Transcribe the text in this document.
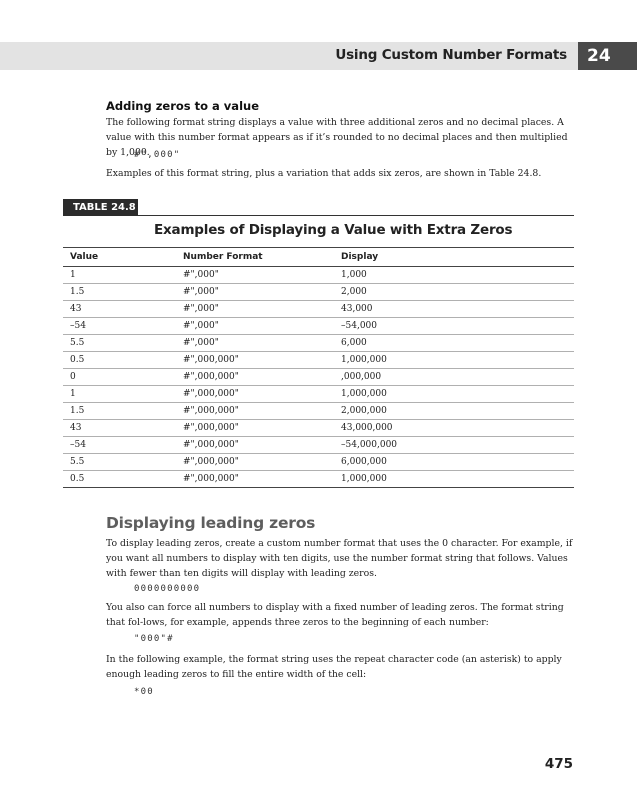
Using Custom Number Formats	24
Adding zeros to a value

The following format string displays a value with three additional zeros and no decimal places. A value with this number format appears as if it’s rounded to no decimal places and then multiplied by 1,000.

#",000"

Examples of this format string, plus a variation that adds six zeros, are shown in Table 24.8.

TABLE 24.8
Examples of Displaying a Value with Extra Zeros
Value	Number Format	Display
1	#",000"	1,000
1.5	#",000"	2,000
43	#",000"	43,000
–54	#",000"	–54,000
5.5	#",000"	6,000
0.5	#",000,000"	1,000,000
0	#",000,000"	,000,000
1	#",000,000"	1,000,000
1.5	#",000,000"	2,000,000
43	#",000,000"	43,000,000
–54	#",000,000"	–54,000,000
5.5	#",000,000"	6,000,000
0.5	#",000,000"	1,000,000
Displaying leading zeros

To display leading zeros, create a custom number format that uses the 0 character. For example, if you want all numbers to display with ten digits, use the number format string that follows. Values with fewer than ten digits will display with leading zeros.

0000000000

You also can force all numbers to display with a fixed number of leading zeros. The format string that fol-lows, for example, appends three zeros to the beginning of each number:

"000"#

In the following example, the format string uses the repeat character code (an asterisk) to apply enough leading zeros to fill the entire width of the cell:

*00
475
